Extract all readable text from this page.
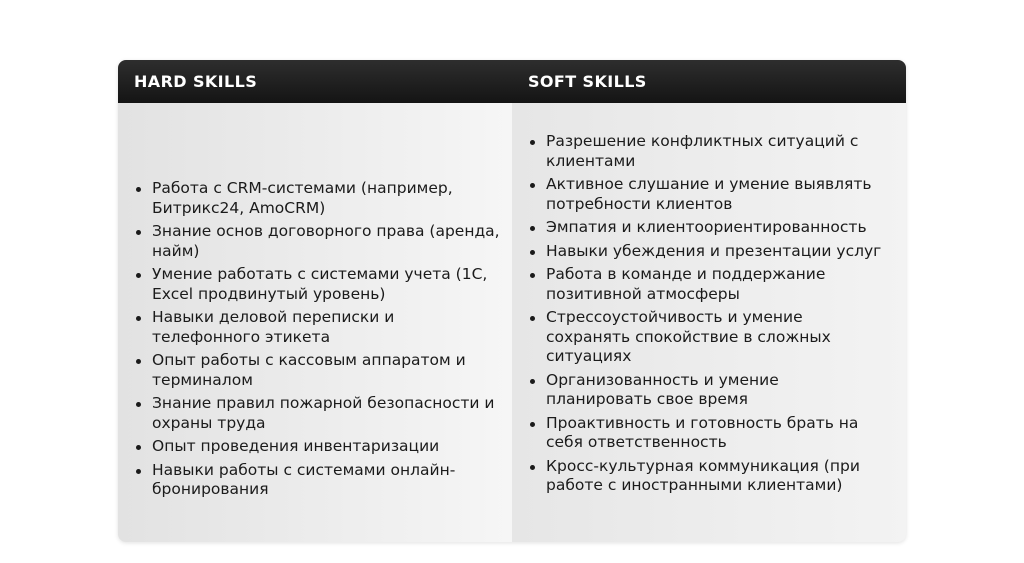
HARD SKILLS	SOFT SKILLS
Работа с CRM-системами (например, Битрикс24, AmoCRM)
Знание основ договорного права (аренда, найм)
Умение работать с системами учета (1С, Excel продвинутый уровень)
Навыки деловой переписки и телефонного этикета
Опыт работы с кассовым аппаратом и терминалом
Знание правил пожарной безопасности и охраны труда
Опыт проведения инвентаризации
Навыки работы с системами онлайн-бронирования
Разрешение конфликтных ситуаций с клиентами
Активное слушание и умение выявлять потребности клиентов
Эмпатия и клиентоориентированность
Навыки убеждения и презентации услуг
Работа в команде и поддержание позитивной атмосферы
Стрессоустойчивость и умение сохранять спокойствие в сложных ситуациях
Организованность и умение планировать свое время
Проактивность и готовность брать на себя ответственность
Кросс-культурная коммуникация (при работе с иностранными клиентами)
